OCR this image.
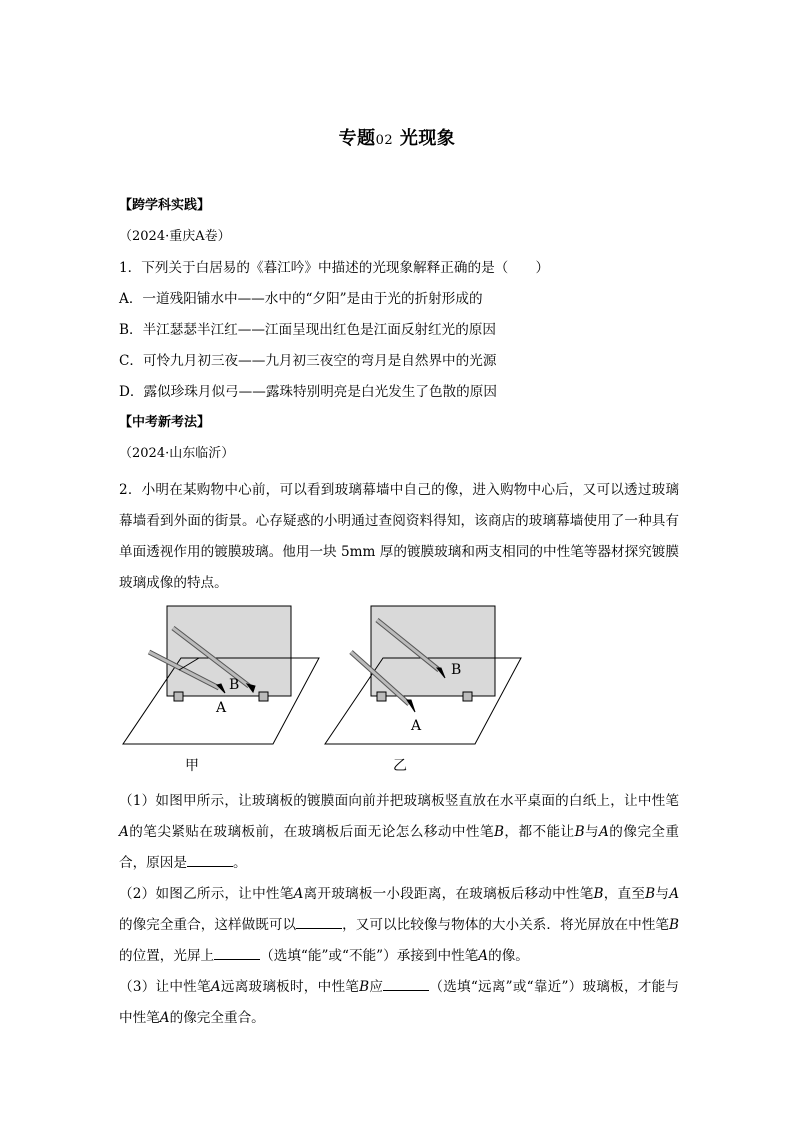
专题02 光现象
【跨学科实践】
（2024·重庆A卷）
1．下列关于白居易的《暮江吟》中描述的光现象解释正确的是（　　）
A．一道残阳铺水中——水中的“夕阳”是由于光的折射形成的
B．半江瑟瑟半江红——江面呈现出红色是江面反射红光的原因
C．可怜九月初三夜——九月初三夜空的弯月是自然界中的光源
D．露似珍珠月似弓——露珠特别明亮是白光发生了色散的原因
【中考新考法】
（2024·山东临沂）
2．小明在某购物中心前，可以看到玻璃幕墙中自己的像，进入购物中心后，又可以透过玻璃幕墙看到外面的街景。心存疑惑的小明通过查阅资料得知，该商店的玻璃幕墙使用了一种具有单面透视作用的镀膜玻璃。他用一块 5mm 厚的镀膜玻璃和两支相同的中性笔等器材探究镀膜玻璃成像的特点。
B
A
甲
B
A
乙
（1）如图甲所示，让玻璃板的镀膜面向前并把玻璃板竖直放在水平桌面的白纸上，让中性笔A的笔尖紧贴在玻璃板前，在玻璃板后面无论怎么移动中性笔B，都不能让B与A的像完全重合，原因是	。
（2）如图乙所示，让中性笔A离开玻璃板一小段距离，在玻璃板后移动中性笔B，直至B与A的像完全重合，这样做既可以	，又可以比较像与物体的大小关系．将光屏放在中性笔B的位置，光屏上	（选填“能”或“不能”）承接到中性笔A的像。
（3）让中性笔A远离玻璃板时，中性笔B应	（选填“远离”或“靠近”）玻璃板，才能与中性笔A的像完全重合。
